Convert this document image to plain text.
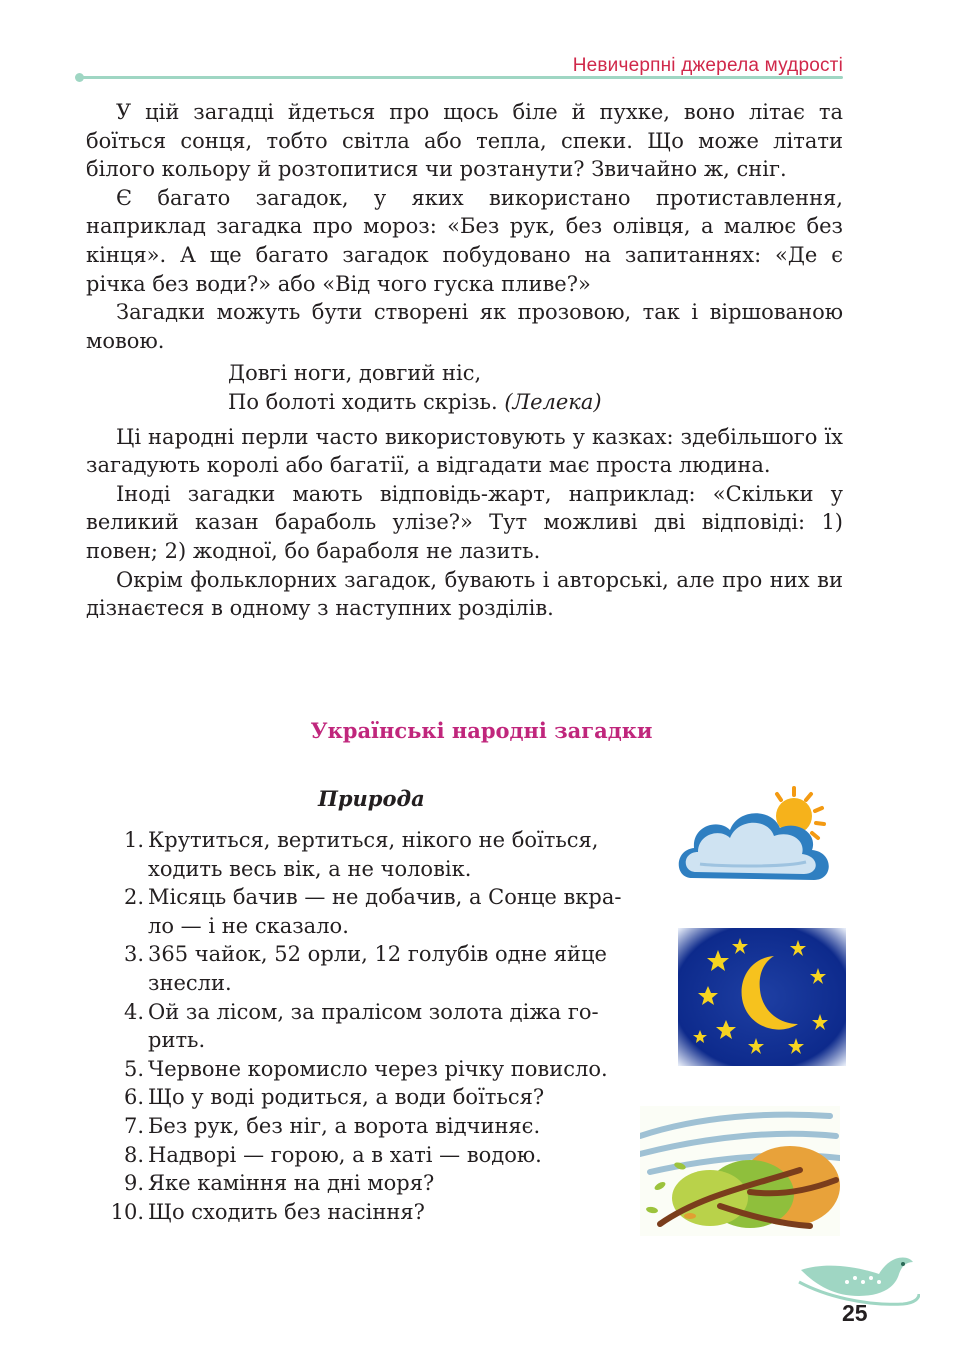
Невичерпні джерела мудрості

У цій загадці йдеться про щось біле й пухке, воно літає та боїться сонця, тобто світла або тепла, спеки. Що може літати білого кольору й розтопитися чи розтанути? Звичайно ж, сніг.

Є багато загадок, у яких використано протиставлення, наприклад загадка про мороз: «Без рук, без олівця, а малює без кінця». А ще багато загадок побудовано на запитаннях: «Де є річка без води?» або «Від чого гуска пливе?»

Загадки можуть бути створені як прозовою, так і віршованою мовою.

Довгі ноги, довгий ніс,
По болоті ходить скрізь. (Лелека)

Ці народні перли часто використовують у казках: здебільшого їх загадують королі або багатії, а відгадати має проста людина.

Іноді загадки мають відповідь-жарт, наприклад: «Скільки у великий казан бараболь улізе?» Тут можливі дві відповіді: 1) повен; 2) жодної, бо бараболя не лазить.

Окрім фольклорних загадок, бувають і авторські, але про них ви дізнаєтеся в одному з наступних розділів.

Українські народні загадки
Природа
1. Крутиться, вертиться, нікого не боїться,
ходить весь вік, а не чоловік.
2. Місяць бачив — не добачив, а Сонце вкра-
ло — і не сказало.
3. 365 чайок, 52 орли, 12 голубів одне яйце
знесли.
4. Ой за лісом, за пралісом золота діжа го-
рить.
5. Червоне коромисло через річку повисло.
6. Що у воді родиться, а води боїться?
7. Без рук, без ніг, а ворота відчиняє.
8. Надворі — горою, а в хаті — водою.
9. Яке каміння на дні моря?
10. Що сходить без насіння?
25
